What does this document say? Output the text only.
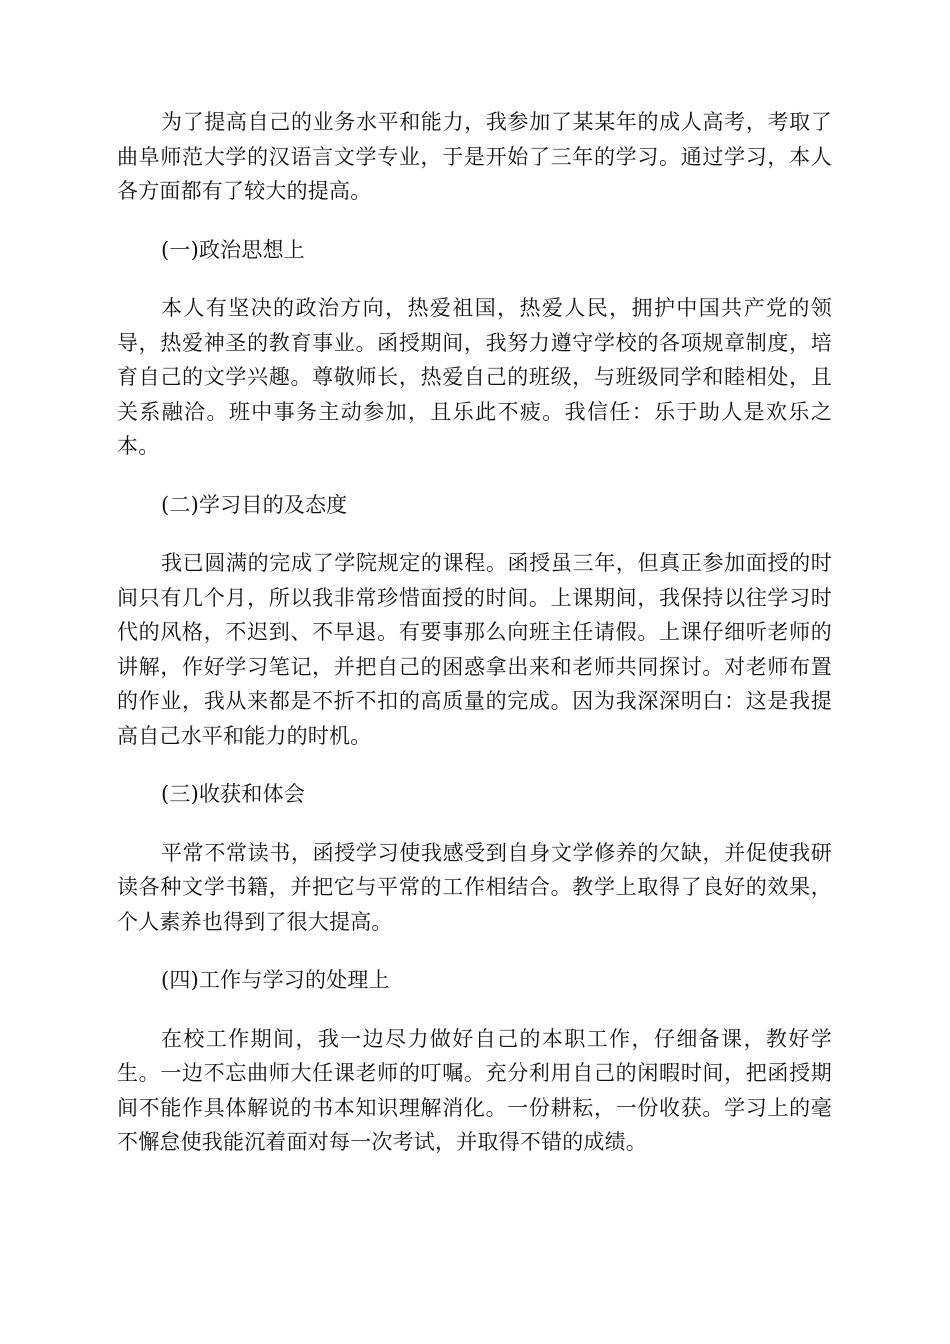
为了提高自己的业务水平和能力，我参加了某某年的成人高考，考取了曲阜师范大学的汉语言文学专业，于是开始了三年的学习。通过学习，本人各方面都有了较大的提高。

(一)政治思想上

本人有坚决的政治方向，热爱祖国，热爱人民，拥护中国共产党的领导，热爱神圣的教育事业。函授期间，我努力遵守学校的各项规章制度，培育自己的文学兴趣。尊敬师长，热爱自己的班级，与班级同学和睦相处，且关系融洽。班中事务主动参加，且乐此不疲。我信任：乐于助人是欢乐之本。

(二)学习目的及态度

我已圆满的完成了学院规定的课程。函授虽三年，但真正参加面授的时间只有几个月，所以我非常珍惜面授的时间。上课期间，我保持以往学习时代的风格，不迟到、不早退。有要事那么向班主任请假。上课仔细听老师的讲解，作好学习笔记，并把自己的困惑拿出来和老师共同探讨。对老师布置的作业，我从来都是不折不扣的高质量的完成。因为我深深明白：这是我提高自己水平和能力的时机。

(三)收获和体会

平常不常读书，函授学习使我感受到自身文学修养的欠缺，并促使我研读各种文学书籍，并把它与平常的工作相结合。教学上取得了良好的效果，个人素养也得到了很大提高。

(四)工作与学习的处理上

在校工作期间，我一边尽力做好自己的本职工作，仔细备课，教好学生。一边不忘曲师大任课老师的叮嘱。充分利用自己的闲暇时间，把函授期间不能作具体解说的书本知识理解消化。一份耕耘，一份收获。学习上的毫不懈怠使我能沉着面对每一次考试，并取得不错的成绩。
